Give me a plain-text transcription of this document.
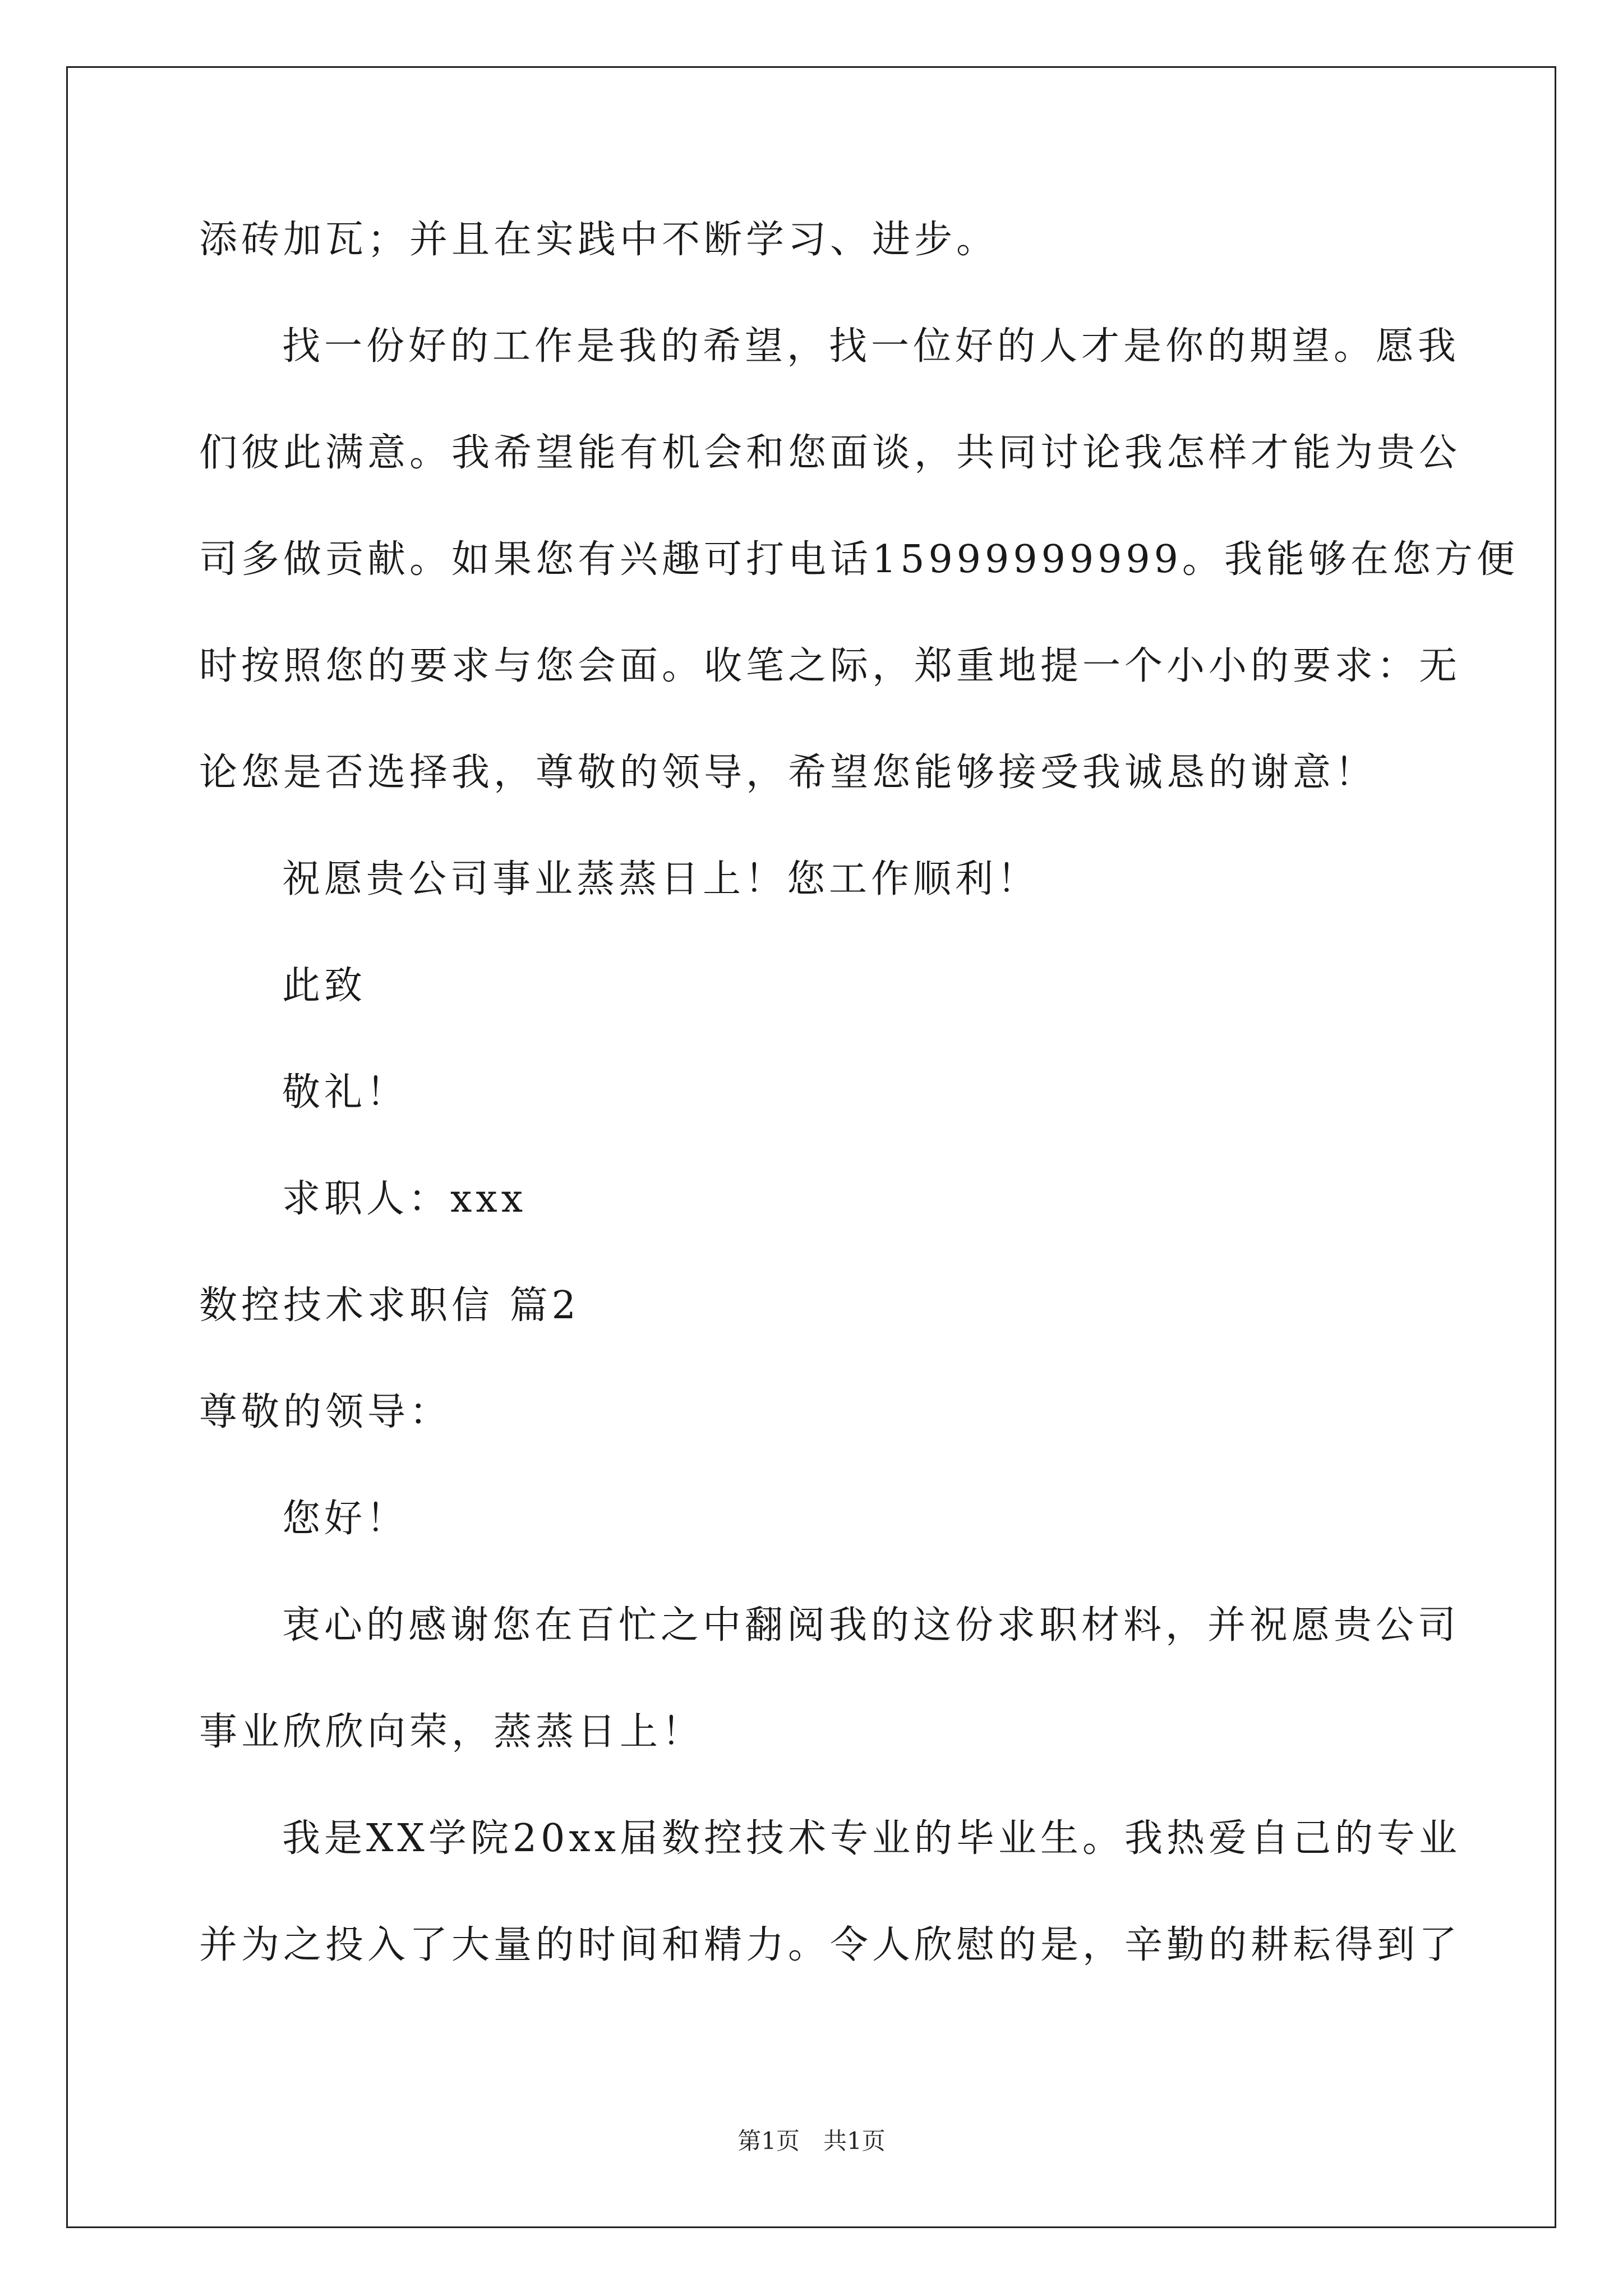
添砖加瓦；并且在实践中不断学习、进步。
找一份好的工作是我的希望，找一位好的人才是你的期望。愿我
们彼此满意。我希望能有机会和您面谈，共同讨论我怎样才能为贵公
司多做贡献。如果您有兴趣可打电话15999999999。我能够在您方便
时按照您的要求与您会面。收笔之际，郑重地提一个小小的要求：无
论您是否选择我，尊敬的领导，希望您能够接受我诚恳的谢意！
祝愿贵公司事业蒸蒸日上！您工作顺利！
此致
敬礼！
求职人：xxx
数控技术求职信 篇2
尊敬的领导：
您好！
衷心的感谢您在百忙之中翻阅我的这份求职材料，并祝愿贵公司
事业欣欣向荣，蒸蒸日上！
我是XX学院20xx届数控技术专业的毕业生。我热爱自己的专业
并为之投入了大量的时间和精力。令人欣慰的是，辛勤的耕耘得到了
第1页　共1页
